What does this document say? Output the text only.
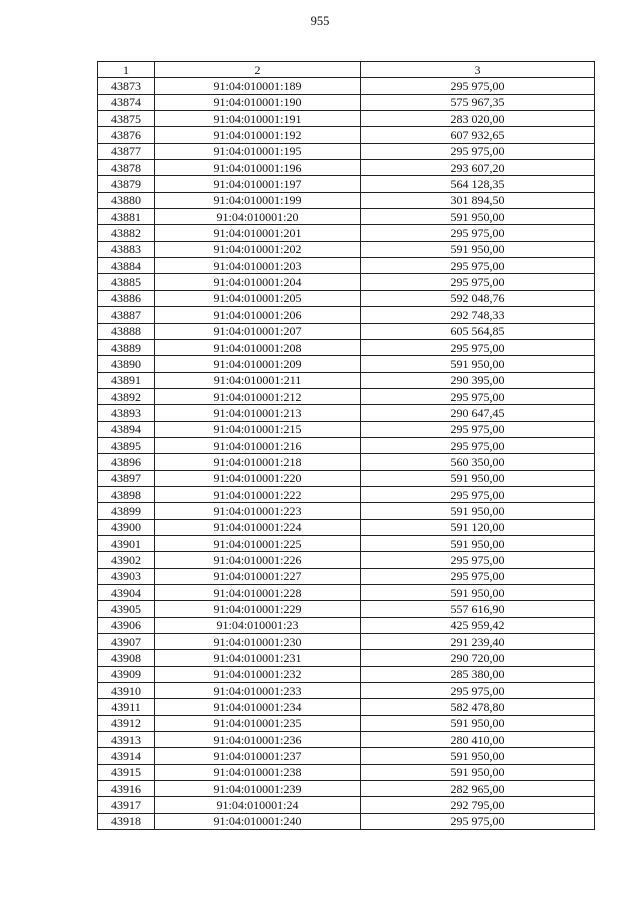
955
1	2	3
43873	91:04:010001:189	295 975,00
43874	91:04:010001:190	575 967,35
43875	91:04:010001:191	283 020,00
43876	91:04:010001:192	607 932,65
43877	91:04:010001:195	295 975,00
43878	91:04:010001:196	293 607,20
43879	91:04:010001:197	564 128,35
43880	91:04:010001:199	301 894,50
43881	91:04:010001:20	591 950,00
43882	91:04:010001:201	295 975,00
43883	91:04:010001:202	591 950,00
43884	91:04:010001:203	295 975,00
43885	91:04:010001:204	295 975,00
43886	91:04:010001:205	592 048,76
43887	91:04:010001:206	292 748,33
43888	91:04:010001:207	605 564,85
43889	91:04:010001:208	295 975,00
43890	91:04:010001:209	591 950,00
43891	91:04:010001:211	290 395,00
43892	91:04:010001:212	295 975,00
43893	91:04:010001:213	290 647,45
43894	91:04:010001:215	295 975,00
43895	91:04:010001:216	295 975,00
43896	91:04:010001:218	560 350,00
43897	91:04:010001:220	591 950,00
43898	91:04:010001:222	295 975,00
43899	91:04:010001:223	591 950,00
43900	91:04:010001:224	591 120,00
43901	91:04:010001:225	591 950,00
43902	91:04:010001:226	295 975,00
43903	91:04:010001:227	295 975,00
43904	91:04:010001:228	591 950,00
43905	91:04:010001:229	557 616,90
43906	91:04:010001:23	425 959,42
43907	91:04:010001:230	291 239,40
43908	91:04:010001:231	290 720,00
43909	91:04:010001:232	285 380,00
43910	91:04:010001:233	295 975,00
43911	91:04:010001:234	582 478,80
43912	91:04:010001:235	591 950,00
43913	91:04:010001:236	280 410,00
43914	91:04:010001:237	591 950,00
43915	91:04:010001:238	591 950,00
43916	91:04:010001:239	282 965,00
43917	91:04:010001:24	292 795,00
43918	91:04:010001:240	295 975,00
